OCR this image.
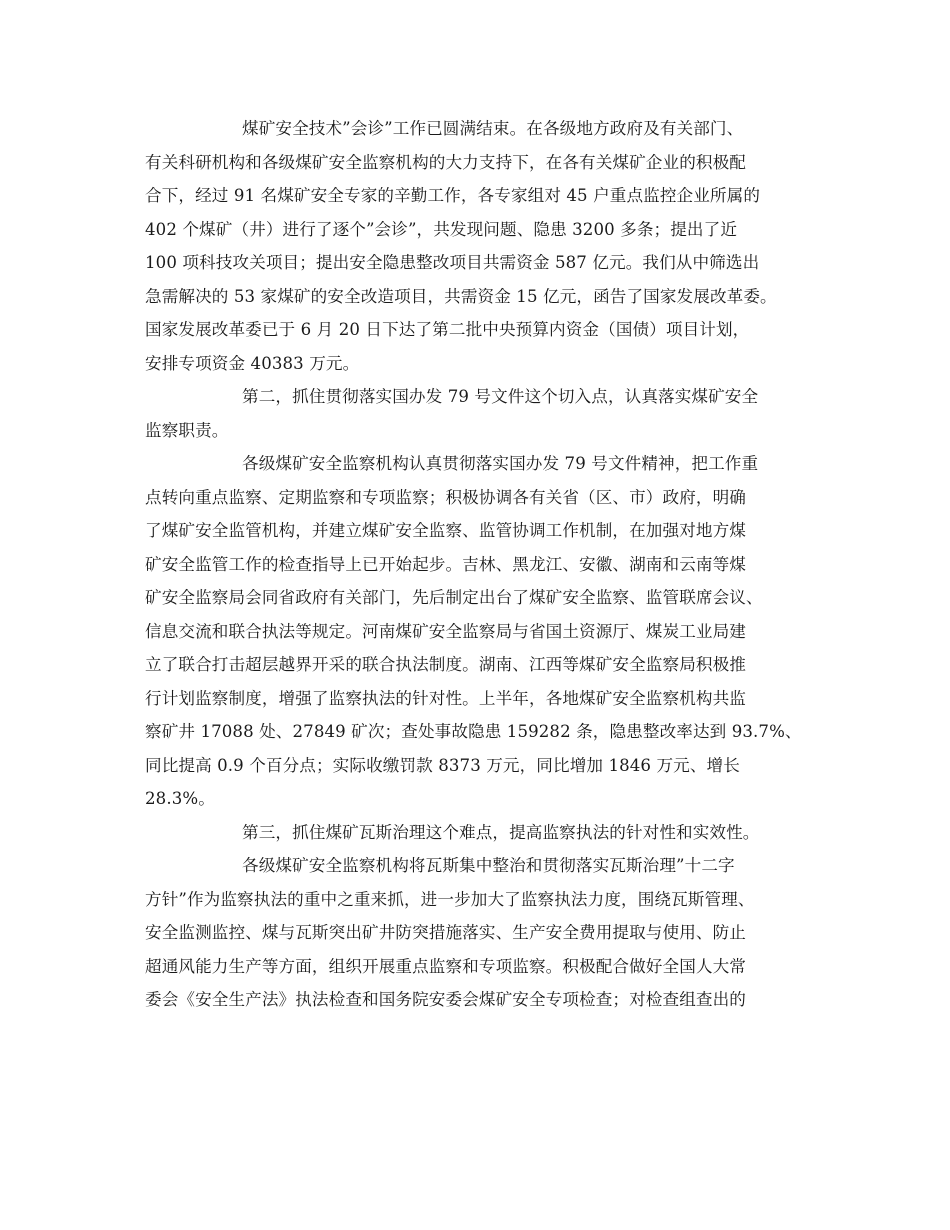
煤矿安全技术”会诊”工作已圆满结束。在各级地方政府及有关部门、
有关科研机构和各级煤矿安全监察机构的大力支持下，在各有关煤矿企业的积极配
合下，经过 91 名煤矿安全专家的辛勤工作，各专家组对 45 户重点监控企业所属的
402 个煤矿（井）进行了逐个”会诊”，共发现问题、隐患 3200 多条；提出了近
100 项科技攻关项目；提出安全隐患整改项目共需资金 587 亿元。我们从中筛选出
急需解决的 53 家煤矿的安全改造项目，共需资金 15 亿元，函告了国家发展改革委。
国家发展改革委已于 6 月 20 日下达了第二批中央预算内资金（国债）项目计划，
安排专项资金 40383 万元。
第二，抓住贯彻落实国办发 79 号文件这个切入点，认真落实煤矿安全
监察职责。
各级煤矿安全监察机构认真贯彻落实国办发 79 号文件精神，把工作重
点转向重点监察、定期监察和专项监察；积极协调各有关省（区、市）政府，明确
了煤矿安全监管机构，并建立煤矿安全监察、监管协调工作机制，在加强对地方煤
矿安全监管工作的检查指导上已开始起步。吉林、黑龙江、安徽、湖南和云南等煤
矿安全监察局会同省政府有关部门，先后制定出台了煤矿安全监察、监管联席会议、
信息交流和联合执法等规定。河南煤矿安全监察局与省国土资源厅、煤炭工业局建
立了联合打击超层越界开采的联合执法制度。湖南、江西等煤矿安全监察局积极推
行计划监察制度，增强了监察执法的针对性。上半年，各地煤矿安全监察机构共监
察矿井 17088 处、27849 矿次；查处事故隐患 159282 条，隐患整改率达到 93.7%、
同比提高 0.9 个百分点；实际收缴罚款 8373 万元，同比增加 1846 万元、增长
28.3%。
第三，抓住煤矿瓦斯治理这个难点，提高监察执法的针对性和实效性。
各级煤矿安全监察机构将瓦斯集中整治和贯彻落实瓦斯治理”十二字
方针”作为监察执法的重中之重来抓，进一步加大了监察执法力度，围绕瓦斯管理、
安全监测监控、煤与瓦斯突出矿井防突措施落实、生产安全费用提取与使用、防止
超通风能力生产等方面，组织开展重点监察和专项监察。积极配合做好全国人大常
委会《安全生产法》执法检查和国务院安委会煤矿安全专项检查；对检查组查出的
